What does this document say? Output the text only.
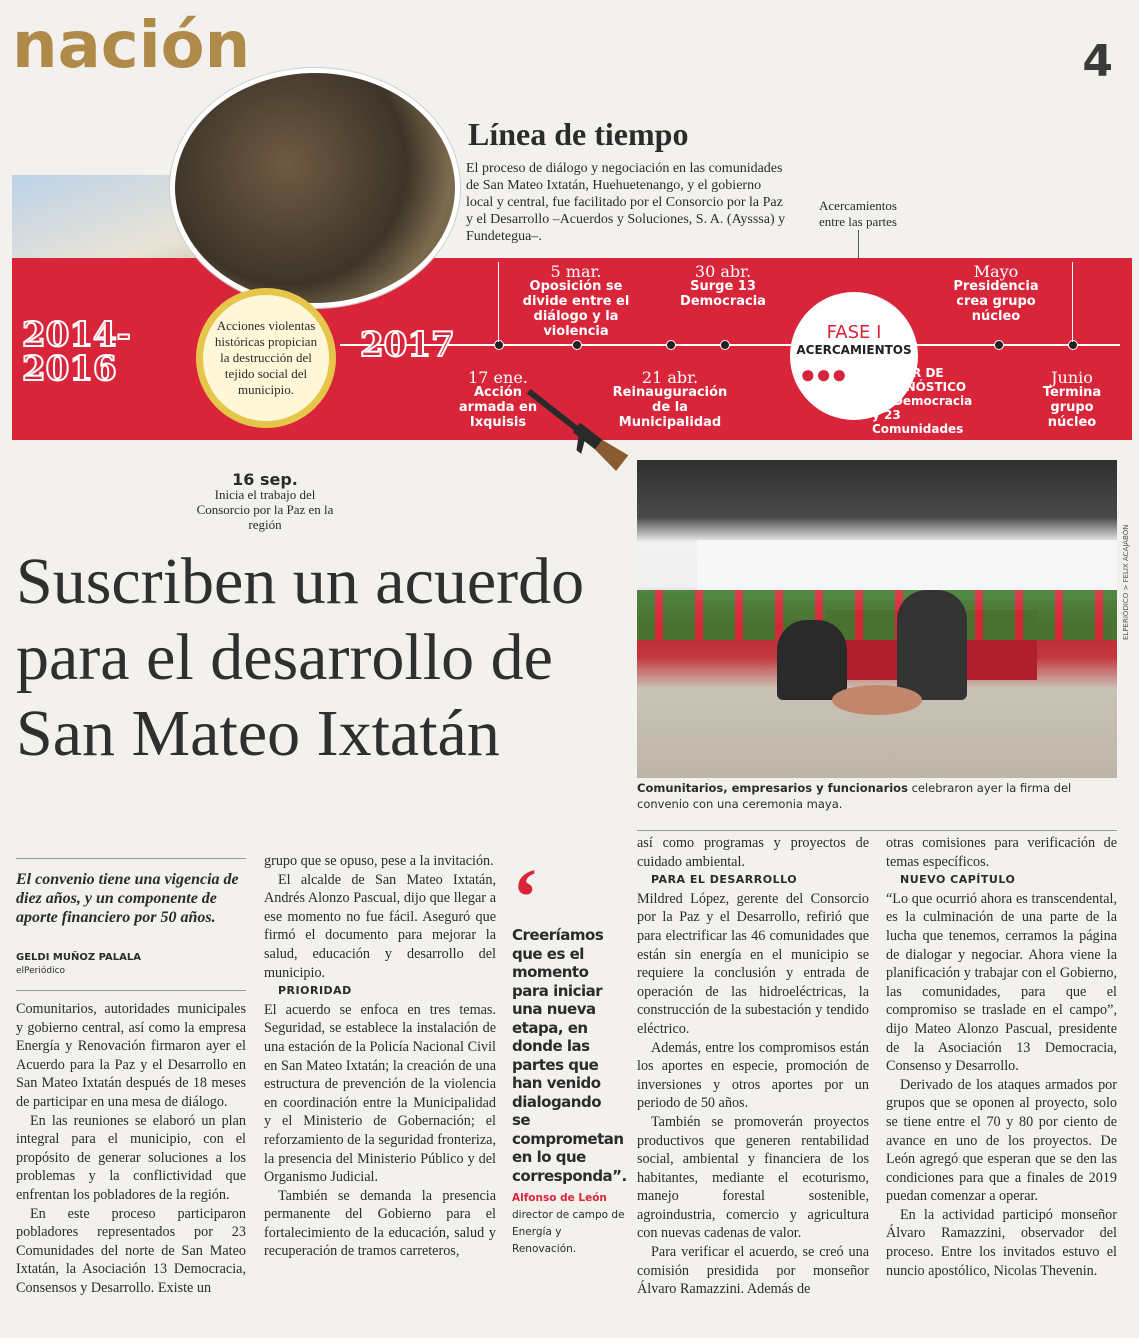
nación	4
Línea de tiempo
El proceso de diálogo y negociación en las comunidades de San Mateo Ixtatán, Huehuetenango, y el gobierno local y central, fue facilitado por el Consorcio por la Paz y el Desarrollo –Acuerdos y Soluciones, S. A. (Aysssa) y Fundetegua–.
Acercamientos entre las partes
2014-
2016
Acciones violentas históricas propician la destrucción del tejido social del municipio.
2017
5 mar.
Oposición se divide entre el diálogo y la violencia
30 abr.
Surge 13 Democracia
Mayo
Presidencia crea grupo núcleo
17 ene.
Acción armada en Ixquisis
21 abr.
Reinauguración de la Municipalidad
Junio
Termina grupo núcleo
FASE I
ACERCAMIENTOS
●●● TALLER DE DIAGNÓSTICO 13 Democracia y 23 Comunidades
16 sep.
Inicia el trabajo del Consorcio por la Paz en la región
Suscriben un acuerdo para el desarrollo de San Mateo Ixtatán
ELPERIÓDICO > FELIX ACAJABÓN
Comunitarios, empresarios y funcionarios celebraron ayer la firma del convenio con una ceremonia maya.
El convenio tiene una vigencia de diez años, y un componente de aporte financiero por 50 años.
GELDI MUÑOZ PALALA
elPeriódico

Comunitarios, autoridades municipales y gobierno central, así como la empresa Energía y Renovación firmaron ayer el Acuerdo para la Paz y el Desarrollo en San Mateo Ixtatán después de 18 meses de participar en una mesa de diálogo.

En las reuniones se elaboró un plan integral para el municipio, con el propósito de generar soluciones a los problemas y la conflictividad que enfrentan los pobladores de la región.

En este proceso participaron pobladores representados por 23 Comunidades del norte de San Mateo Ixtatán, la Asociación 13 Democracia, Consensos y Desarrollo. Existe un

grupo que se opuso, pese a la invitación.

El alcalde de San Mateo Ixtatán, Andrés Alonzo Pascual, dijo que llegar a ese momento no fue fácil. Aseguró que firmó el documento para mejorar la salud, educación y desarrollo del municipio.

PRIORIDAD

El acuerdo se enfoca en tres temas. Seguridad, se establece la instalación de una estación de la Policía Nacional Civil en San Mateo Ixtatán; la creación de una estructura de prevención de la violencia en coordinación entre la Municipalidad y el Ministerio de Gobernación; el reforzamiento de la seguridad fronteriza, la presencia del Ministerio Público y del Organismo Judicial.

También se demanda la presencia permanente del Gobierno para el fortalecimiento de la educación, salud y recuperación de tramos carreteros,

‘
Creeríamos que es el momento para iniciar una nueva etapa, en donde las partes que han venido dialogando se comprometan en lo que corresponda”.
Alfonso de León
director de campo de Energía y Renovación.

así como programas y proyectos de cuidado ambiental.

PARA EL DESARROLLO

Mildred López, gerente del Consorcio por la Paz y el Desarrollo, refirió que para electrificar las 46 comunidades que están sin energía en el municipio se requiere la conclusión y entrada de operación de las hidroeléctricas, la construcción de la subestación y tendido eléctrico.

Además, entre los compromisos están los aportes en especie, promoción de inversiones y otros aportes por un periodo de 50 años.

También se promoverán proyectos productivos que generen rentabilidad social, ambiental y financiera de los habitantes, mediante el ecoturismo, manejo forestal sostenible, agroindustria, comercio y agricultura con nuevas cadenas de valor.

Para verificar el acuerdo, se creó una comisión presidida por monseñor Álvaro Ramazzini. Además de

otras comisiones para verificación de temas específicos.

NUEVO CAPÍTULO

“Lo que ocurrió ahora es transcendental, es la culminación de una parte de la lucha que tenemos, cerramos la página de dialogar y negociar. Ahora viene la planificación y trabajar con el Gobierno, las comunidades, para que el compromiso se traslade en el campo”, dijo Mateo Alonzo Pascual, presidente de la Asociación 13 Democracia, Consenso y Desarrollo.

Derivado de los ataques armados por grupos que se oponen al proyecto, solo se tiene entre el 70 y 80 por ciento de avance en uno de los proyectos. De León agregó que esperan que se den las condiciones para que a finales de 2019 puedan comenzar a operar.

En la actividad participó monseñor Álvaro Ramazzini, observador del proceso. Entre los invitados estuvo el nuncio apostólico, Nicolas Thevenin.
